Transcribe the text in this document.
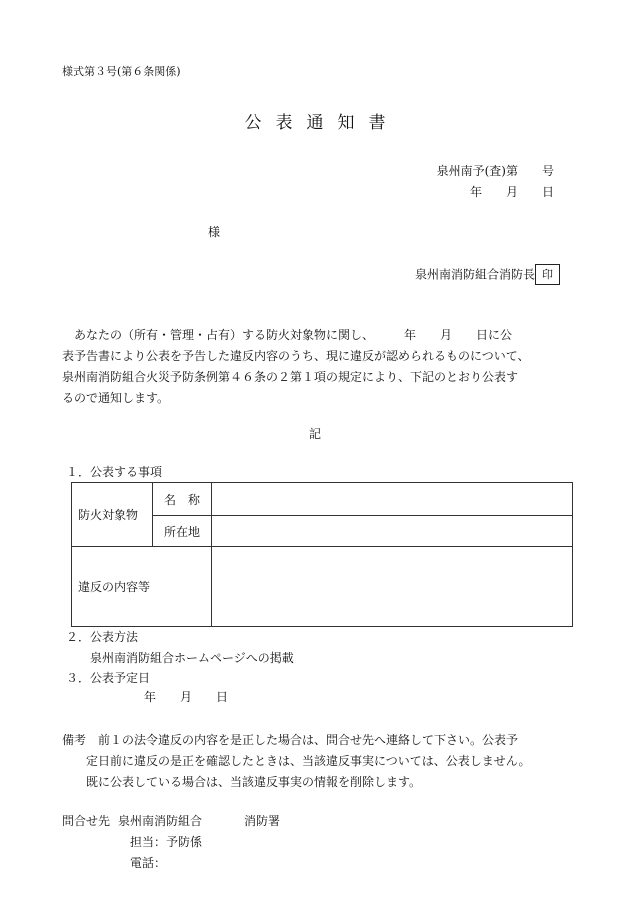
様式第３号(第６条関係)
公表通知書
泉州南予(査)第　　号
年　　月　　日
様
泉州南消防組合消防長 印
　あなたの（所有・管理・占有）する防火対象物に関し、　　　年　　月　　日に公
表予告書により公表を予告した違反内容のうち、現に違反が認められるものについて、
泉州南消防組合火災予防条例第４６条の２第１項の規定により、下記のとおり公表す
るので通知します。
記
１．公表する事項
防火対象物	名　称	
	所在地	
違反の内容等		
２．公表方法
泉州南消防組合ホームページへの掲載
３．公表予定日
年　　月　　日
備考　前１の法令違反の内容を是正した場合は、問合せ先へ連絡して下さい。公表予
　　定日前に違反の是正を確認したときは、当該違反事実については、公表しません。
　　既に公表している場合は、当該違反事実の情報を削除します。
問合せ先 泉州南消防組合	消防署
担当：予防係
電話：
